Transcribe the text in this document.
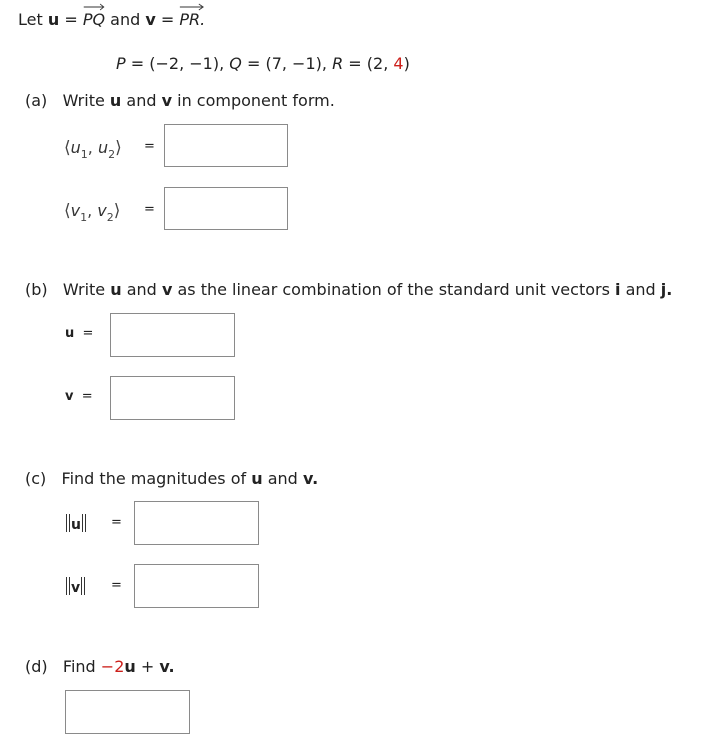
Let u = PQ and v = PR.
P = (−2, −1), Q = (7, −1), R = (2, 4)
(a) Write u and v in component form.
$⟨u_1$, $u_2⟩$ =
$⟨v_1$, $v_2⟩$ =
(b) Write u and v as the linear combination of the standard unit vectors i and j.
u =
v =
(c) Find the magnitudes of u and v.
‖u‖ =
‖v‖ =
(d) Find −2u + v.
